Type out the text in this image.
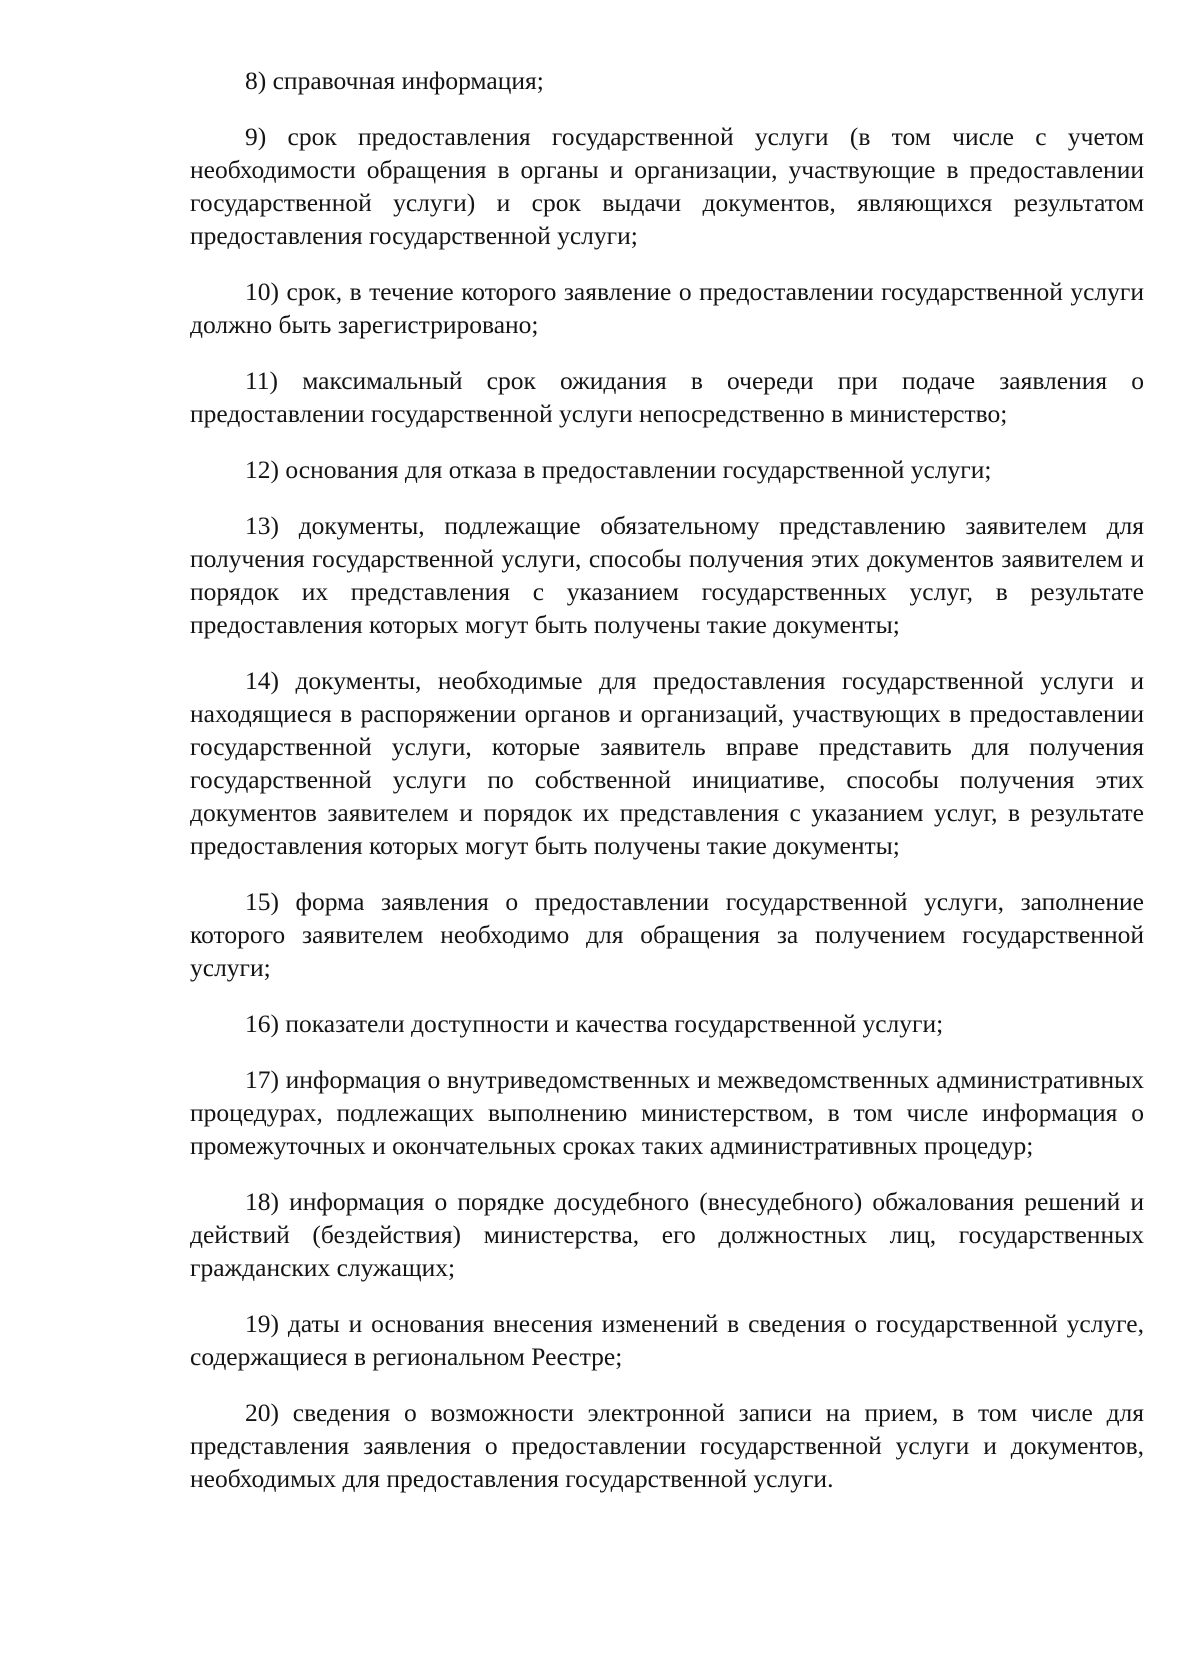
8) справочная информация;

9) срок предоставления государственной услуги (в том числе с учетом необходимости обращения в органы и организации, участвующие в предоставлении государственной услуги) и срок выдачи документов, являющихся результатом предоставления государственной услуги;

10) срок, в течение которого заявление о предоставлении государственной услуги должно быть зарегистрировано;

11) максимальный срок ожидания в очереди при подаче заявления о предоставлении государственной услуги непосредственно в министерство;

12) основания для отказа в предоставлении государственной услуги;

13) документы, подлежащие обязательному представлению заявителем для получения государственной услуги, способы получения этих документов заявителем и порядок их представления с указанием государственных услуг, в результате предоставления которых могут быть получены такие документы;

14) документы, необходимые для предоставления государственной услуги и находящиеся в распоряжении органов и организаций, участвующих в предоставлении государственной услуги, которые заявитель вправе представить для получения государственной услуги по собственной инициативе, способы получения этих документов заявителем и порядок их представления с указанием услуг, в результате предоставления которых могут быть получены такие документы;

15) форма заявления о предоставлении государственной услуги, заполнение которого заявителем необходимо для обращения за получением государственной услуги;

16) показатели доступности и качества государственной услуги;

17) информация о внутриведомственных и межведомственных административных процедурах, подлежащих выполнению министерством, в том числе информация о промежуточных и окончательных сроках таких административных процедур;

18) информация о порядке досудебного (внесудебного) обжалования решений и действий (бездействия) министерства, его должностных лиц, государственных гражданских служащих;

19) даты и основания внесения изменений в сведения о государственной услуге, содержащиеся в региональном Реестре;

20) сведения о возможности электронной записи на прием, в том числе для представления заявления о предоставлении государственной услуги и документов, необходимых для предоставления государственной услуги.
